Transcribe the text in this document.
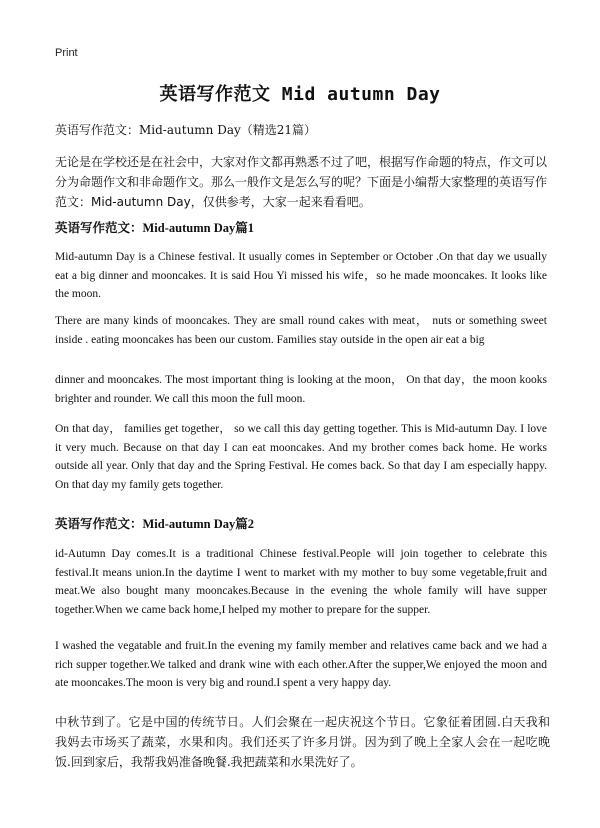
Print
英语写作范文 Mid autumn Day
英语写作范文：Mid-autumn Day（精选21篇）
无论是在学校还是在社会中，大家对作文都再熟悉不过了吧，根据写作命题的特点，作文可以分为命题作文和非命题作文。那么一般作文是怎么写的呢？下面是小编帮大家整理的英语写作范文：Mid-autumn Day，仅供参考，大家一起来看看吧。
英语写作范文：Mid-autumn Day篇1
Mid-autumn Day is a Chinese festival. It usually comes in September or October .On that day we usually eat a big dinner and mooncakes. It is said Hou Yi missed his wife，so he made mooncakes. It looks like the moon.
There are many kinds of mooncakes. They are small round cakes with meat， nuts or something sweet inside . eating mooncakes has been our custom. Families stay outside in the open air eat a big
dinner and mooncakes. The most important thing is looking at the moon， On that day，the moon kooks brighter and rounder. We call this moon the full moon.
On that day， families get together， so we call this day getting together. This is Mid-autumn Day. I love it very much. Because on that day I can eat mooncakes. And my brother comes back home. He works outside all year. Only that day and the Spring Festival. He comes back. So that day I am especially happy. On that day my family gets together.
英语写作范文：Mid-autumn Day篇2
id-Autumn Day comes.It is a traditional Chinese festival.People will join together to celebrate this festival.It means union.In the daytime I went to market with my mother to buy some vegetable,fruit and meat.We also bought many mooncakes.Because in the evening the whole family will have supper together.When we came back home,I helped my mother to prepare for the supper.
I washed the vegatable and fruit.In the evening my family member and relatives came back and we had a rich supper together.We talked and drank wine with each other.After the supper,We enjoyed the moon and ate mooncakes.The moon is very big and round.I spent a very happy day.
中秋节到了。它是中国的传统节日。人们会聚在一起庆祝这个节日。它象征着团圆.白天我和我妈去市场买了蔬菜，水果和肉。我们还买了许多月饼。因为到了晚上全家人会在一起吃晚饭.回到家后，我帮我妈准备晚餐.我把蔬菜和水果洗好了。
